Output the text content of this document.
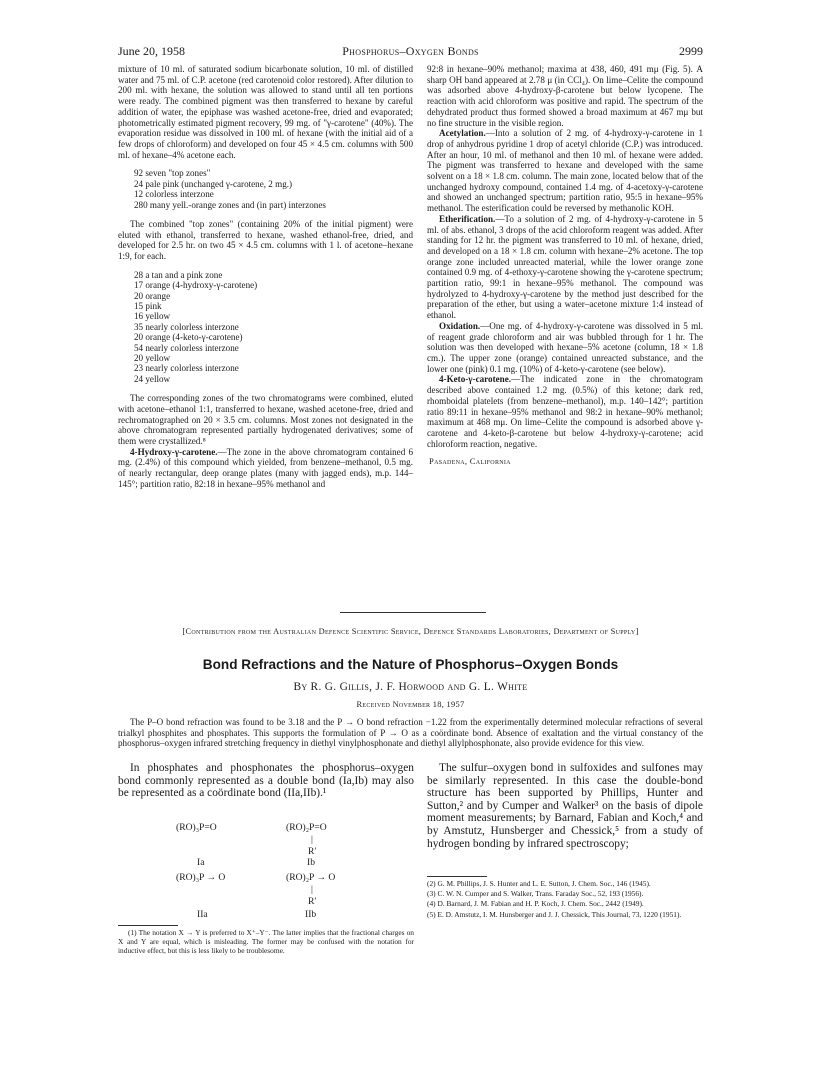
June 20, 1958	Phosphorus–Oxygen Bonds	2999

mixture of 10 ml. of saturated sodium bicarbonate solution, 10 ml. of distilled water and 75 ml. of C.P. acetone (red carotenoid color restored). After dilution to 200 ml. with hexane, the solution was allowed to stand until all ten portions were ready. The combined pigment was then transferred to hexane by careful addition of water, the epiphase was washed acetone-free, dried and evaporated; photometrically estimated pigment recovery, 99 mg. of "γ-carotene" (40%). The evaporation residue was dissolved in 100 ml. of hexane (with the initial aid of a few drops of chloroform) and developed on four 45 × 4.5 cm. columns with 500 ml. of hexane–4% acetone each.

92 seven "top zones"
24 pale pink (unchanged γ-carotene, 2 mg.)
12 colorless interzone
280 many yell.-orange zones and (in part) interzones

The combined "top zones" (containing 20% of the initial pigment) were eluted with ethanol, transferred to hexane, washed ethanol-free, dried, and developed for 2.5 hr. on two 45 × 4.5 cm. columns with 1 l. of acetone–hexane 1:9, for each.

28 a tan and a pink zone
17 orange (4-hydroxy-γ-carotene)
20 orange
15 pink
16 yellow
35 nearly colorless interzone
20 orange (4-keto-γ-carotene)
54 nearly colorless interzone
20 yellow
23 nearly colorless interzone
24 yellow

The corresponding zones of the two chromatograms were combined, eluted with acetone–ethanol 1:1, transferred to hexane, washed acetone-free, dried and rechromatographed on 20 × 3.5 cm. columns. Most zones not designated in the above chromatogram represented partially hydrogenated derivatives; some of them were crystallized.⁸

4-Hydroxy-γ-carotene.—The zone in the above chromatogram contained 6 mg. (2.4%) of this compound which yielded, from benzene–methanol, 0.5 mg. of nearly rectangular, deep orange plates (many with jagged ends), m.p. 144–145°; partition ratio, 82:18 in hexane–95% methanol and

92:8 in hexane–90% methanol; maxima at 438, 460, 491 mμ (Fig. 5). A sharp OH band appeared at 2.78 μ (in CCl₄). On lime–Celite the compound was adsorbed above 4-hydroxy-β-carotene but below lycopene. The reaction with acid chloroform was positive and rapid. The spectrum of the dehydrated product thus formed showed a broad maximum at 467 mμ but no fine structure in the visible region.

Acetylation.—Into a solution of 2 mg. of 4-hydroxy-γ-carotene in 1 drop of anhydrous pyridine 1 drop of acetyl chloride (C.P.) was introduced. After an hour, 10 ml. of methanol and then 10 ml. of hexane were added. The pigment was transferred to hexane and developed with the same solvent on a 18 × 1.8 cm. column. The main zone, located below that of the unchanged hydroxy compound, contained 1.4 mg. of 4-acetoxy-γ-carotene and showed an unchanged spectrum; partition ratio, 95:5 in hexane–95% methanol. The esterification could be reversed by methanolic KOH.

Etherification.—To a solution of 2 mg. of 4-hydroxy-γ-carotene in 5 ml. of abs. ethanol, 3 drops of the acid chloroform reagent was added. After standing for 12 hr. the pigment was transferred to 10 ml. of hexane, dried, and developed on a 18 × 1.8 cm. column with hexane–2% acetone. The top orange zone included unreacted material, while the lower orange zone contained 0.9 mg. of 4-ethoxy-γ-carotene showing the γ-carotene spectrum; partition ratio, 99:1 in hexane–95% methanol. The compound was hydrolyzed to 4-hydroxy-γ-carotene by the method just described for the preparation of the ether, but using a water–acetone mixture 1:4 instead of ethanol.

Oxidation.—One mg. of 4-hydroxy-γ-carotene was dissolved in 5 ml. of reagent grade chloroform and air was bubbled through for 1 hr. The solution was then developed with hexane–5% acetone (column, 18 × 1.8 cm.). The upper zone (orange) contained unreacted substance, and the lower one (pink) 0.1 mg. (10%) of 4-keto-γ-carotene (see below).

4-Keto-γ-carotene.—The indicated zone in the chromatogram described above contained 1.2 mg. (0.5%) of this ketone; dark red, rhomboidal platelets (from benzene–methanol), m.p. 140–142°; partition ratio 89:11 in hexane–95% methanol and 98:2 in hexane–90% methanol; maximum at 468 mμ. On lime–Celite the compound is adsorbed above γ-carotene and 4-keto-β-carotene but below 4-hydroxy-γ-carotene; acid chloroform reaction, negative.

Pasadena, California
[Contribution from the Australian Defence Scientific Service, Defence Standards Laboratories, Department of Supply]
Bond Refractions and the Nature of Phosphorus–Oxygen Bonds
By R. G. Gillis, J. F. Horwood and G. L. White
Received November 18, 1957

The P–O bond refraction was found to be 3.18 and the P → O bond refraction −1.22 from the experimentally determined molecular refractions of several trialkyl phosphites and phosphates. This supports the formulation of P → O as a coördinate bond. Absence of exaltation and the virtual constancy of the phosphorus–oxygen infrared stretching frequency in diethyl vinylphosphonate and diethyl allylphosphonate, also provide evidence for this view.

In phosphates and phosphonates the phosphorus–oxygen bond commonly represented as a double bond (Ia,Ib) may also be represented as a coördinate bond (IIa,IIb).¹

(RO)₃P=O	(RO)₂P=O
|
R′
Ia	Ib
(RO)₃P → O	(RO)₂P → O
|
R′
IIa	IIb

(1) The notation X → Y is preferred to X⁺–Y⁻. The latter implies that the fractional charges on X and Y are equal, which is misleading. The former may be confused with the notation for inductive effect, but this is less likely to be troublesome.

The sulfur–oxygen bond in sulfoxides and sulfones may be similarly represented. In this case the double-bond structure has been supported by Phillips, Hunter and Sutton,² and by Cumper and Walker³ on the basis of dipole moment measurements; by Barnard, Fabian and Koch,⁴ and by Amstutz, Hunsberger and Chessick,⁵ from a study of hydrogen bonding by infrared spectroscopy;

(2) G. M. Phillips, J. S. Hunter and L. E. Sutton, J. Chem. Soc., 146 (1945).

(3) C. W. N. Cumper and S. Walker, Trans. Faraday Soc., 52, 193 (1956).

(4) D. Barnard, J. M. Fabian and H. P. Koch, J. Chem. Soc., 2442 (1949).

(5) E. D. Amstutz, I. M. Hunsberger and J. J. Chessick, This Journal, 73, 1220 (1951).
